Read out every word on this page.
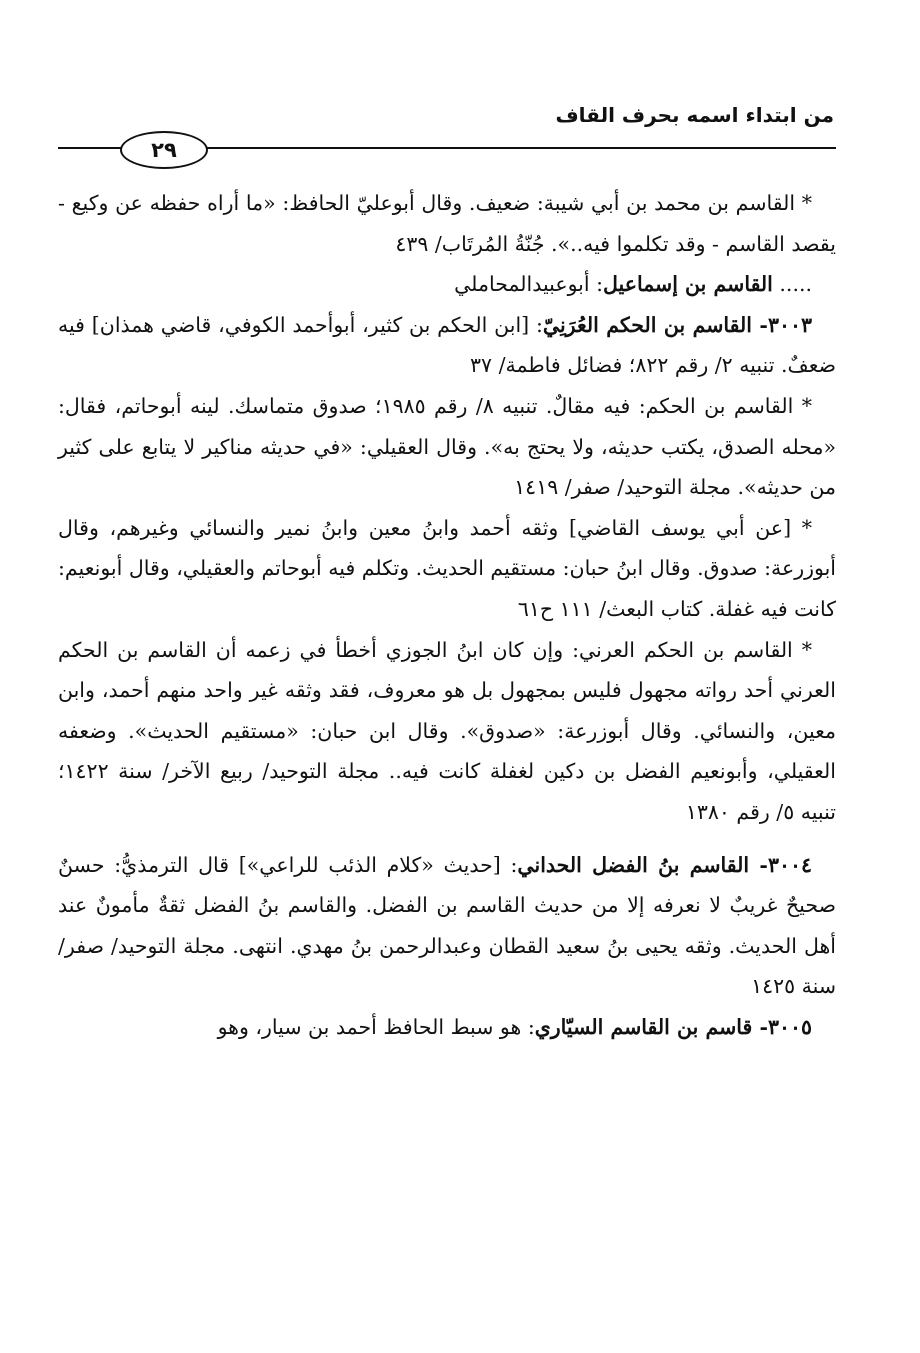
من ابتداء اسمه بحرف القاف
٢٩

* القاسم بن محمد بن أبي شيبة: ضعيف. وقال أبوعليّ الحافظ: «ما أراه حفظه عن وكيع - يقصد القاسم - وقد تكلموا فيه..». جُنّةُ المُرتَاب/ ٤٣٩

..... القاسم بن إسماعيل: أبوعبيدالمحاملي

٣٠٠٣- القاسم بن الحكم العُرَنِيّ: [ابن الحكم بن كثير، أبوأحمد الكوفي، قاضي همذان] فيه ضعفٌ. تنبيه ٢/ رقم ٨٢٢؛ فضائل فاطمة/ ٣٧

* القاسم بن الحكم: فيه مقالٌ. تنبيه ٨/ رقم ١٩٨٥؛ صدوق متماسك. لينه أبوحاتم، فقال: «محله الصدق، يكتب حديثه، ولا يحتج به». وقال العقيلي: «في حديثه مناكير لا يتابع على كثير من حديثه». مجلة التوحيد/ صفر/ ١٤١٩

* [عن أبي يوسف القاضي] وثقه أحمد وابنُ معين وابنُ نمير والنسائي وغيرهم، وقال أبوزرعة: صدوق. وقال ابنُ حبان: مستقيم الحديث. وتكلم فيه أبوحاتم والعقيلي، وقال أبونعيم: كانت فيه غفلة. كتاب البعث/ ١١١ ح٦١

* القاسم بن الحكم العرني: وإن كان ابنُ الجوزي أخطأ في زعمه أن القاسم بن الحكم العرني أحد رواته مجهول فليس بمجهول بل هو معروف، فقد وثقه غير واحد منهم أحمد، وابن معين، والنسائي. وقال أبوزرعة: «صدوق». وقال ابن حبان: «مستقيم الحديث». وضعفه العقيلي، وأبونعيم الفضل بن دكين لغفلة كانت فيه.. مجلة التوحيد/ ربيع الآخر/ سنة ١٤٢٢؛ تنبيه ٥/ رقم ١٣٨٠

٣٠٠٤- القاسم بنُ الفضل الحداني: [حديث «كلام الذئب للراعي»] قال الترمذيُّ: حسنٌ صحيحٌ غريبٌ لا نعرفه إلا من حديث القاسم بن الفضل. والقاسم بنُ الفضل ثقةٌ مأمونٌ عند أهل الحديث. وثقه يحيى بنُ سعيد القطان وعبدالرحمن بنُ مهدي. انتهى. مجلة التوحيد/ صفر/ سنة ١٤٢٥

٣٠٠٥- قاسم بن القاسم السيّاري: هو سبط الحافظ أحمد بن سيار، وهو
